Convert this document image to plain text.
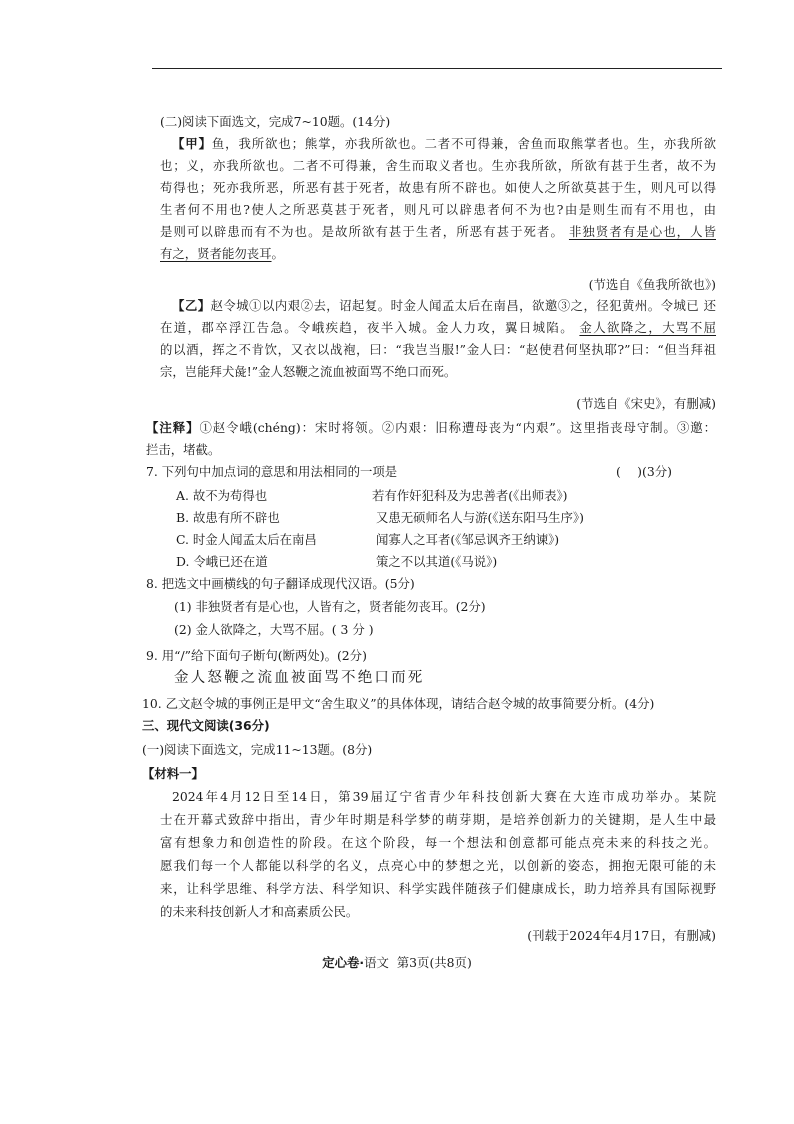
(二)阅读下面选文，完成7~10题。(14分)
【甲】鱼，我所欲也；熊掌，亦我所欲也。二者不可得兼，舍鱼而取熊掌者也。生，亦我所欲
也；义，亦我所欲也。二者不可得兼，舍生而取义者也。生亦我所欲，所欲有甚于生者，故不为
苟得也；死亦我所恶，所恶有甚于死者，故患有所不辟也。如使人之所欲莫甚于生，则凡可以得
生者何不用也?使人之所恶莫甚于死者，则凡可以辟患者何不为也?由是则生而有不用也，由
是则可以辟患而有不为也。是故所欲有甚于生者，所恶有甚于死者。 非独贤者有是心也，人皆
有之，贤者能勿丧耳。
(节选自《鱼我所欲也》)
【乙】赵令城①以内艰②去，诏起复。时金人闻孟太后在南昌，欲邀③之，径犯黄州。令城已 还
在道，郡卒浮江告急。令峨疾趋，夜半入城。金人力攻，翼日城陷。 金人欲降之，大骂不屈
的以酒，挥之不肯饮，又衣以战袍，曰：“我岂当服!”金人曰：“赵使君何坚执耶?”曰：“但当拜祖
宗，岂能拜犬彘!”金人怒鞭之流血被面骂不绝口而死。
(节选自《宋史》，有删减)
【注释】①赵令峨(chéng)：宋时将领。②内艰：旧称遭母丧为“内艰”。这里指丧母守制。③邀：
拦击，堵截。
7. 下列句中加点词的意思和用法相同的一项是	(　 )(3分)
A. 故不为苟得也	若有作奸犯科及为忠善者(《出师表》)
B. 故患有所不辟也	又患无硕师名人与游(《送东阳马生序》)
C. 时金人闻孟太后在南昌	闻寡人之耳者(《邹忌讽齐王纳谏》)
D. 令峨已还在道	策之不以其道(《马说》)
8. 把选文中画横线的句子翻译成现代汉语。(5分)
(1) 非独贤者有是心也，人皆有之，贤者能勿丧耳。(2分)
(2) 金人欲降之，大骂不屈。( 3 分 )
9. 用“/”给下面句子断句(断两处)。(2分)
金人怒鞭之流血被面骂不绝口而死
10. 乙文赵令城的事例正是甲文“舍生取义”的具体体现，请结合赵令城的故事简要分析。(4分)
三、现代文阅读(36分)
(一)阅读下面选文，完成11~13题。(8分)
【材料一】
2024年4月12日至14日，第39届辽宁省青少年科技创新大赛在大连市成功举办。某院
士在开幕式致辞中指出，青少年时期是科学梦的萌芽期，是培养创新力的关键期，是人生中最
富有想象力和创造性的阶段。在这个阶段，每一个想法和创意都可能点亮未来的科技之光。
愿我们每一个人都能以科学的名义，点亮心中的梦想之光，以创新的姿态，拥抱无限可能的未
来，让科学思维、科学方法、科学知识、科学实践伴随孩子们健康成长，助力培养具有国际视野
的未来科技创新人才和高素质公民。
(刊载于2024年4月17日，有删减)
定心卷·语文 第3页(共8页)
